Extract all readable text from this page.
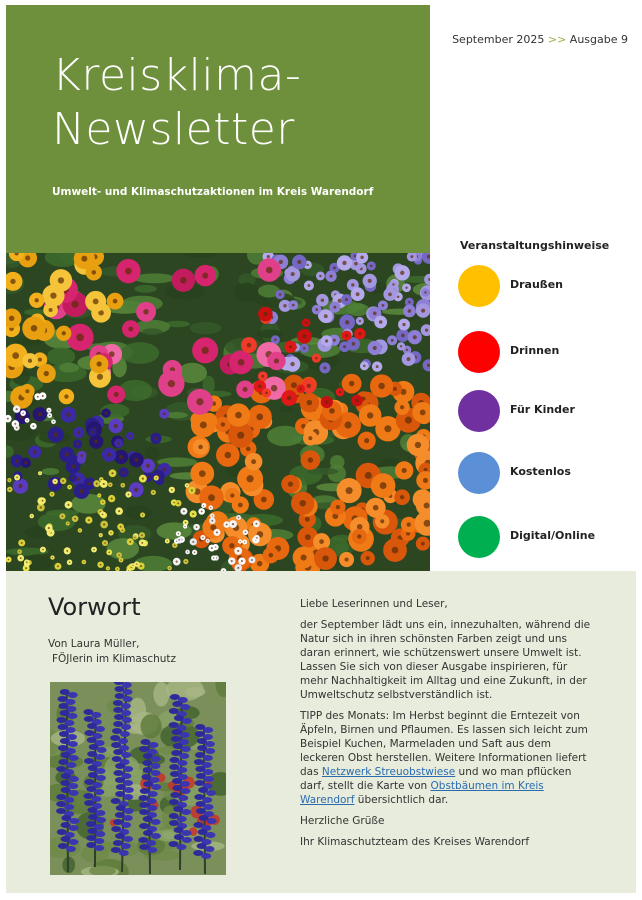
Kreisklima-
Newsletter
Umwelt- und Klimaschutzaktionen im Kreis Warendorf
September 2025 >> Ausgabe 9
Veranstaltungshinweise
Draußen
Drinnen
Für Kinder
Kostenlos
Digital/Online
Vorwort
Von Laura Müller,
FÖJlerin im Klimaschutz

Liebe Leserinnen und Leser,

der September lädt uns ein, innezuhalten, während die Natur sich in ihren schönsten Farben zeigt und uns daran erinnert, wie schützenswert unsere Umwelt ist. Lassen Sie sich von dieser Ausgabe inspirieren, für mehr Nachhaltigkeit im Alltag und eine Zukunft, in der Umweltschutz selbstverständlich ist.

TIPP des Monats: Im Herbst beginnt die Erntezeit von Äpfeln, Birnen und Pflaumen. Es lassen sich leicht zum Beispiel Kuchen, Marmeladen und Saft aus dem leckeren Obst herstellen. Weitere Informationen liefert das Netzwerk Streuobstwiese und wo man pflücken darf, stellt die Karte von Obstbäumen im Kreis Warendorf übersichtlich dar.

Herzliche Grüße

Ihr Klimaschutzteam des Kreises Warendorf
